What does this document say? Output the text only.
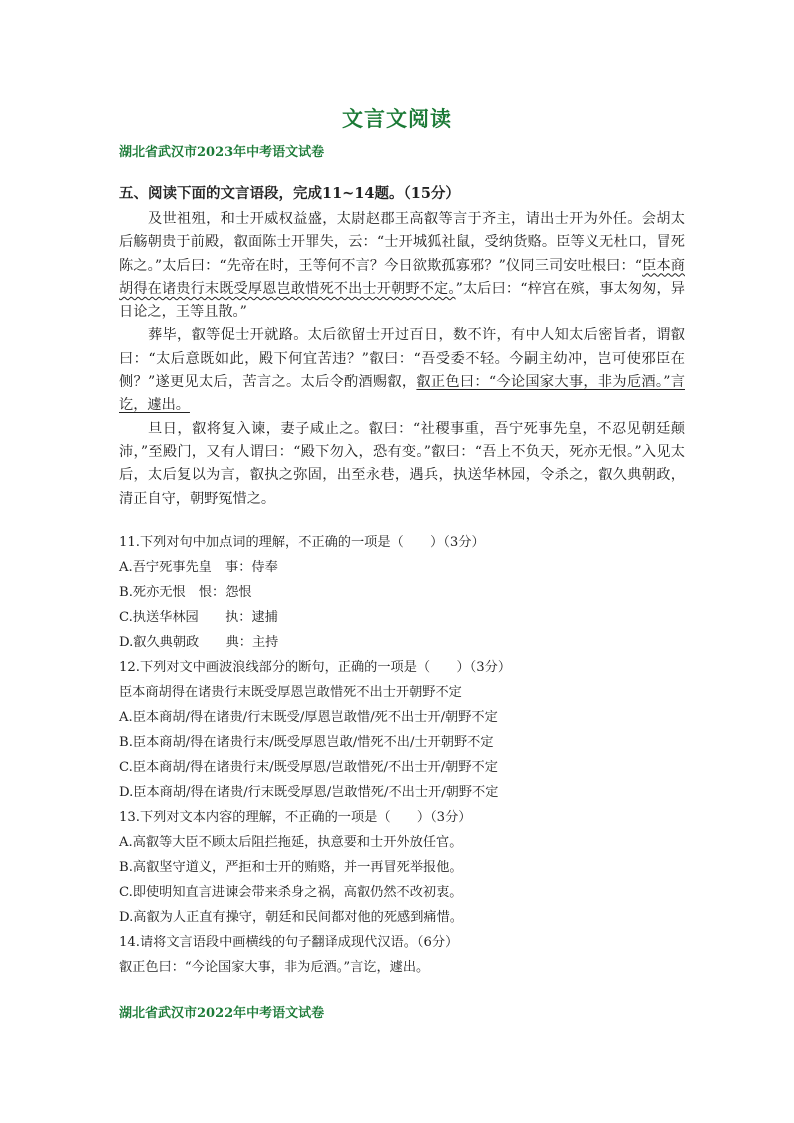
文言文阅读
湖北省武汉市2023年中考语文试卷
五、阅读下面的文言语段，完成11~14题。（15分）

及世祖殂，和士开威权益盛，太尉赵郡王高叡等言于齐主，请出士开为外任。会胡太后觞朝贵于前殿，叡面陈士开罪失，云：“士开城狐社鼠，受纳货赂。臣等义无杜口，冒死陈之。”太后曰：“先帝在时，王等何不言？今日欲欺孤寡邪？”仪同三司安吐根曰：“臣本商胡得在诸贵行末既受厚恩岂敢惜死不出士开朝野不定。”太后曰：“梓宫在殡，事太匆匆，异日论之，王等且散。”

葬毕，叡等促士开就路。太后欲留士开过百日，数不许，有中人知太后密旨者，谓叡曰：“太后意既如此，殿下何宜苦违？”叡曰：“吾受委不轻。今嗣主幼冲，岂可使邪臣在侧？”遂更见太后，苦言之。太后令酌酒赐叡，叡正色曰：“今论国家大事，非为卮酒。”言讫，遽出。

旦日，叡将复入谏，妻子咸止之。叡曰：“社稷事重，吾宁死事先皇，不忍见朝廷颠沛，”至殿门，又有人谓曰：“殿下勿入，恐有变。”叡曰：“吾上不负天，死亦无恨。”入见太后，太后复以为言，叡执之弥固，出至永巷，遇兵，执送华林园，令杀之，叡久典朝政，清正自守，朝野冤惜之。

11.下列对句中加点词的理解，不正确的一项是（　　）（3分）
A.吾宁死事先皇　事：侍奉
B.死亦无恨　恨：怨恨
C.执送华林园　　执：逮捕
D.叡久典朝政　　典：主持
12.下列对文中画波浪线部分的断句，正确的一项是（　　）（3分）
臣本商胡得在诸贵行末既受厚恩岂敢惜死不出士开朝野不定
A.臣本商胡/得在诸贵/行末既受/厚恩岂敢惜/死不出士开/朝野不定
B.臣本商胡/得在诸贵行末/既受厚恩岂敢/惜死不出/士开朝野不定
C.臣本商胡/得在诸贵行末/既受厚恩/岂敢惜死/不出士开/朝野不定
D.臣本商胡/得在诸贵/行末既受厚恩/岂敢惜死/不出士开/朝野不定
13.下列对文本内容的理解，不正确的一项是（　　）（3分）
A.高叡等大臣不顾太后阻拦拖延，执意要和士开外放任官。
B.高叡坚守道义，严拒和士开的贿赂，并一再冒死举报他。
C.即使明知直言进谏会带来杀身之祸，高叡仍然不改初衷。
D.高叡为人正直有操守，朝廷和民间都对他的死感到痛惜。
14.请将文言语段中画横线的句子翻译成现代汉语。（6分）
叡正色曰：“今论国家大事，非为卮酒。”言讫，遽出。
湖北省武汉市2022年中考语文试卷
